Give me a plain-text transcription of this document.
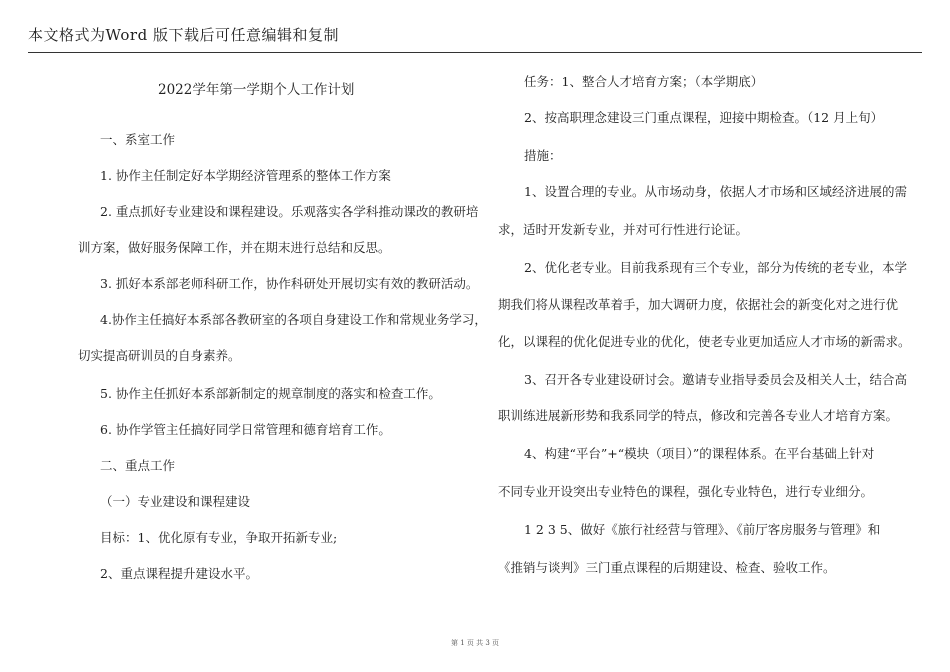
本文格式为Word 版下载后可任意编辑和复制
2022学年第一学期个人工作计划
一、系室工作
1. 协作主任制定好本学期经济管理系的整体工作方案
2. 重点抓好专业建设和课程建设。乐观落实各学科推动课改的教研培
训方案，做好服务保障工作，并在期末进行总结和反思。
3. 抓好本系部老师科研工作，协作科研处开展切实有效的教研活动。
4.协作主任搞好本系部各教研室的各项自身建设工作和常规业务学习，
切实提高研训员的自身素养。
5. 协作主任抓好本系部新制定的规章制度的落实和检查工作。
6. 协作学管主任搞好同学日常管理和德育培育工作。
二、重点工作
（一）专业建设和课程建设
目标：1、优化原有专业，争取开拓新专业;
2、重点课程提升建设水平。
任务：1、整合人才培育方案；（本学期底）
2、按高职理念建设三门重点课程，迎接中期检查。（12 月上旬）
措施：
1、设置合理的专业。从市场动身，依据人才市场和区域经济进展的需
求，适时开发新专业，并对可行性进行论证。
2、优化老专业。目前我系现有三个专业，部分为传统的老专业，本学
期我们将从课程改革着手，加大调研力度，依据社会的新变化对之进行优
化，以课程的优化促进专业的优化，使老专业更加适应人才市场的新需求。
3、召开各专业建设研讨会。邀请专业指导委员会及相关人士，结合高
职训练进展新形势和我系同学的特点，修改和完善各专业人才培育方案。
4、构建“平台”+“模块（项目）”的课程体系。在平台基础上针对
不同专业开设突出专业特色的课程，强化专业特色，进行专业细分。
1 2 3 5、做好《旅行社经营与管理》、《前厅客房服务与管理》和
《推销与谈判》三门重点课程的后期建设、检查、验收工作。
第 1 页 共 3 页
